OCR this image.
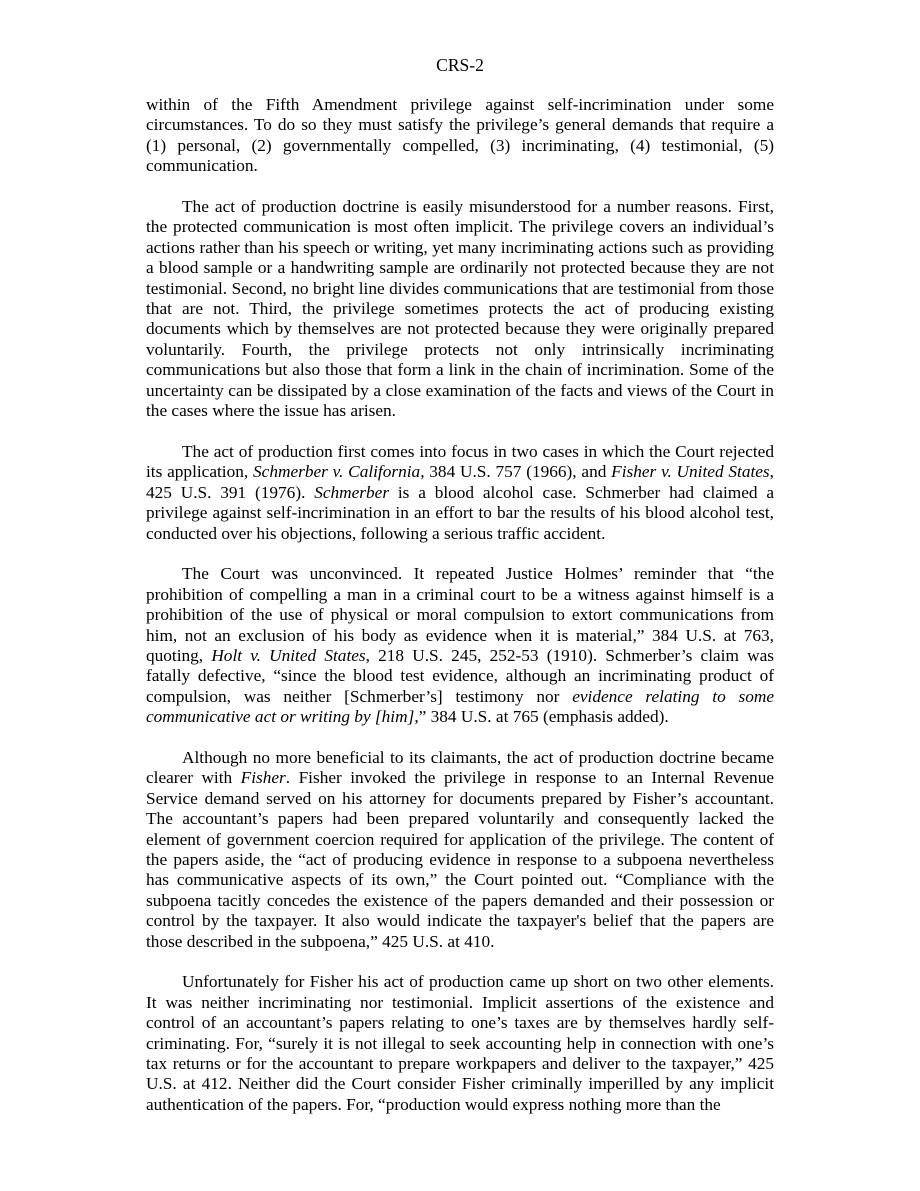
CRS-2

within of the Fifth Amendment privilege against self-incrimination under some circumstances. To do so they must satisfy the privilege’s general demands that require a (1) personal, (2) governmentally compelled, (3) incriminating, (4) testimonial, (5) communication.

The act of production doctrine is easily misunderstood for a number reasons. First, the protected communication is most often implicit. The privilege covers an individual’s actions rather than his speech or writing, yet many incriminating actions such as providing a blood sample or a handwriting sample are ordinarily not protected because they are not testimonial. Second, no bright line divides communications that are testimonial from those that are not. Third, the privilege sometimes protects the act of producing existing documents which by themselves are not protected because they were originally prepared voluntarily. Fourth, the privilege protects not only intrinsically incriminating communications but also those that form a link in the chain of incrimination. Some of the uncertainty can be dissipated by a close examination of the facts and views of the Court in the cases where the issue has arisen.

The act of production first comes into focus in two cases in which the Court rejected its application, Schmerber v. California, 384 U.S. 757 (1966), and Fisher v. United States, 425 U.S. 391 (1976). Schmerber is a blood alcohol case. Schmerber had claimed a privilege against self-incrimination in an effort to bar the results of his blood alcohol test, conducted over his objections, following a serious traffic accident.

The Court was unconvinced. It repeated Justice Holmes’ reminder that “the prohibition of compelling a man in a criminal court to be a witness against himself is a prohibition of the use of physical or moral compulsion to extort communications from him, not an exclusion of his body as evidence when it is material,” 384 U.S. at 763, quoting, Holt v. United States, 218 U.S. 245, 252-53 (1910). Schmerber’s claim was fatally defective, “since the blood test evidence, although an incriminating product of compulsion, was neither [Schmerber’s] testimony nor evidence relating to some communicative act or writing by [him],” 384 U.S. at 765 (emphasis added).

Although no more beneficial to its claimants, the act of production doctrine became clearer with Fisher. Fisher invoked the privilege in response to an Internal Revenue Service demand served on his attorney for documents prepared by Fisher’s accountant. The accountant’s papers had been prepared voluntarily and consequently lacked the element of government coercion required for application of the privilege. The content of the papers aside, the “act of producing evidence in response to a subpoena nevertheless has communicative aspects of its own,” the Court pointed out. “Compliance with the subpoena tacitly concedes the existence of the papers demanded and their possession or control by the taxpayer. It also would indicate the taxpayer's belief that the papers are those described in the subpoena,” 425 U.S. at 410.

Unfortunately for Fisher his act of production came up short on two other elements. It was neither incriminating nor testimonial. Implicit assertions of the existence and control of an accountant’s papers relating to one’s taxes are by themselves hardly self-criminating. For, “surely it is not illegal to seek accounting help in connection with one’s tax returns or for the accountant to prepare workpapers and deliver to the taxpayer,” 425 U.S. at 412. Neither did the Court consider Fisher criminally imperilled by any implicit authentication of the papers. For, “production would express nothing more than the
